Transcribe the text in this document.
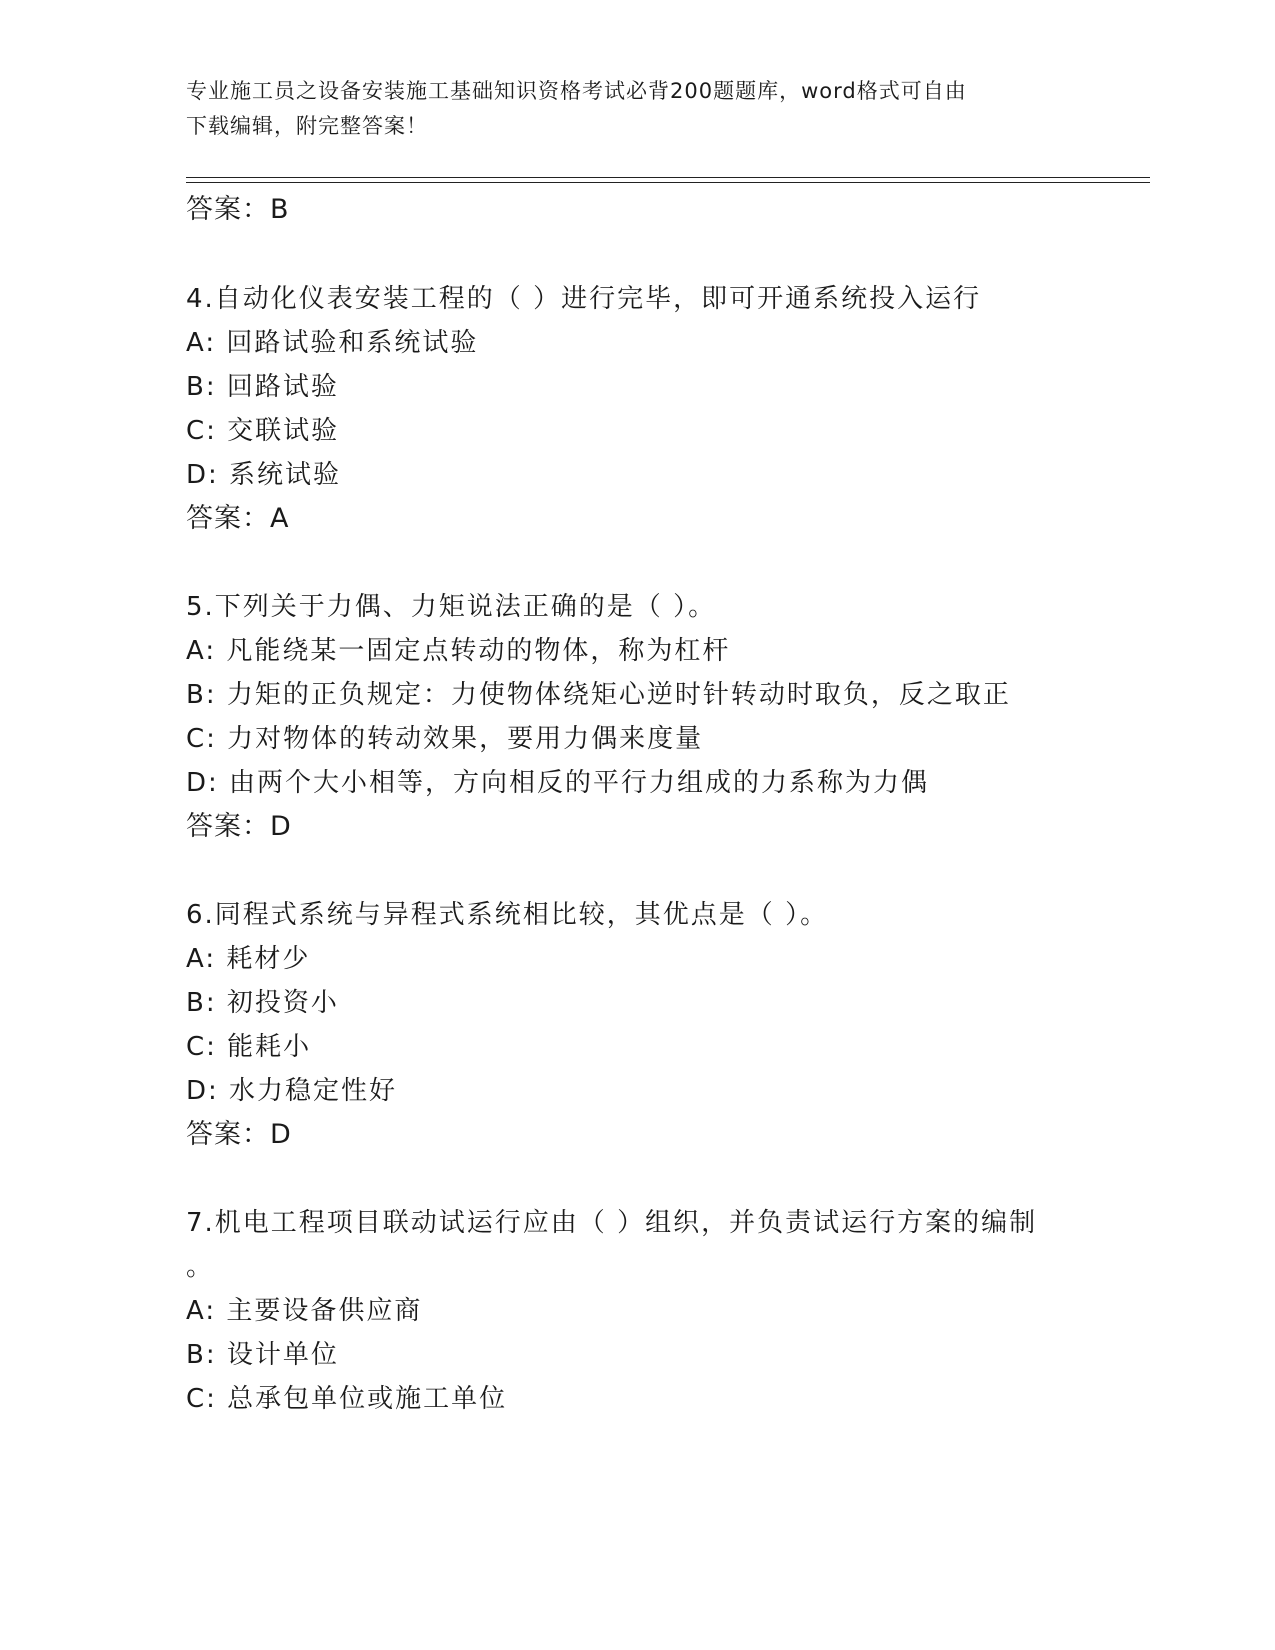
专业施工员之设备安装施工基础知识资格考试必背200题题库，word格式可自由
下载编辑，附完整答案！
答案：B
4.自动化仪表安装工程的（ ）进行完毕，即可开通系统投入运行
A: 回路试验和系统试验
B: 回路试验
C: 交联试验
D: 系统试验
答案：A
5.下列关于力偶、力矩说法正确的是（ ）。
A: 凡能绕某一固定点转动的物体，称为杠杆
B: 力矩的正负规定：力使物体绕矩心逆时针转动时取负，反之取正
C: 力对物体的转动效果，要用力偶来度量
D: 由两个大小相等，方向相反的平行力组成的力系称为力偶
答案：D
6.同程式系统与异程式系统相比较，其优点是（ ）。
A: 耗材少
B: 初投资小
C: 能耗小
D: 水力稳定性好
答案：D
7.机电工程项目联动试运行应由（ ）组织，并负责试运行方案的编制
。
A: 主要设备供应商
B: 设计单位
C: 总承包单位或施工单位
